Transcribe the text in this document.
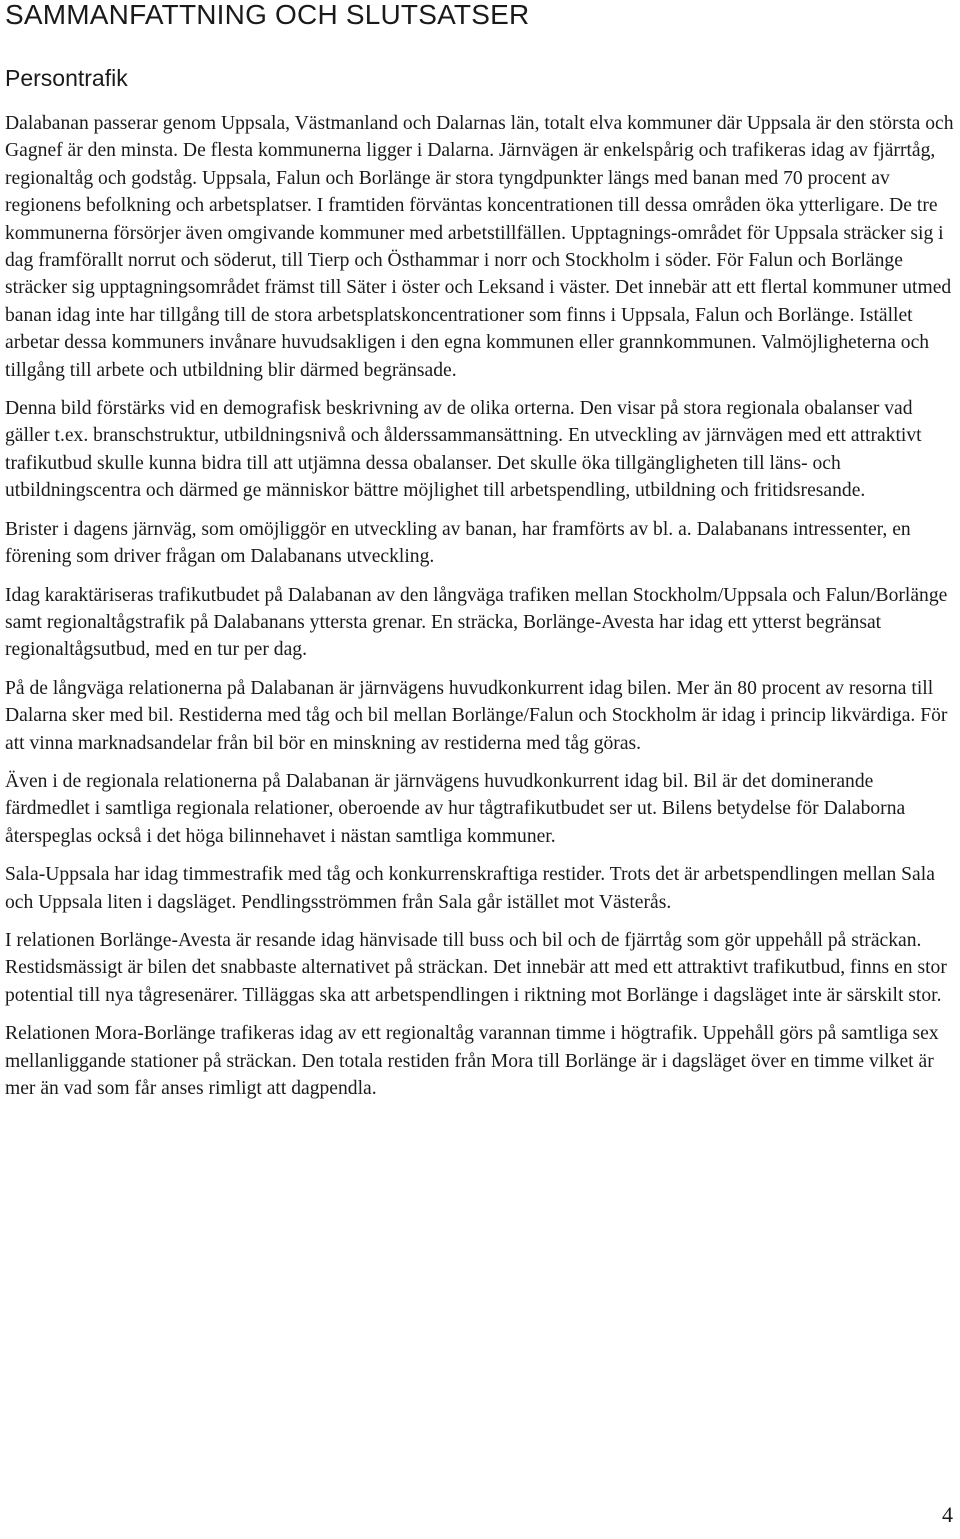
SAMMANFATTNING OCH SLUTSATSER
Persontrafik

Dalabanan passerar genom Uppsala, Västmanland och Dalarnas län, totalt elva kommuner där Uppsala är den största och Gagnef är den minsta. De flesta kommunerna ligger i Dalarna. Järnvägen är enkelspårig och trafikeras idag av fjärrtåg, regionaltåg och godståg. Uppsala, Falun och Borlänge är stora tyngdpunkter längs med banan med 70 procent av regionens befolkning och arbetsplatser. I framtiden förväntas koncentrationen till dessa områden öka ytterligare. De tre kommunerna försörjer även omgivande kommuner med arbetstillfällen. Upptagnings-området för Uppsala sträcker sig i dag framförallt norrut och söderut, till Tierp och Östhammar i norr och Stockholm i söder. För Falun och Borlänge sträcker sig upptagningsområdet främst till Säter i öster och Leksand i väster. Det innebär att ett flertal kommuner utmed banan idag inte har tillgång till de stora arbetsplatskoncentrationer som finns i Uppsala, Falun och Borlänge. Istället arbetar dessa kommuners invånare huvudsakligen i den egna kommunen eller grannkommunen. Valmöjligheterna och tillgång till arbete och utbildning blir därmed begränsade.

Denna bild förstärks vid en demografisk beskrivning av de olika orterna. Den visar på stora regionala obalanser vad gäller t.ex. branschstruktur, utbildningsnivå och ålderssammansättning. En utveckling av järnvägen med ett attraktivt trafikutbud skulle kunna bidra till att utjämna dessa obalanser. Det skulle öka tillgängligheten till läns- och utbildningscentra och därmed ge människor bättre möjlighet till arbetspendling, utbildning och fritidsresande.

Brister i dagens järnväg, som omöjliggör en utveckling av banan, har framförts av bl. a. Dalabanans intressenter, en förening som driver frågan om Dalabanans utveckling.

Idag karaktäriseras trafikutbudet på Dalabanan av den långväga trafiken mellan Stockholm/Uppsala och Falun/Borlänge samt regionaltågstrafik på Dalabanans yttersta grenar. En sträcka, Borlänge-Avesta har idag ett ytterst begränsat regionaltågsutbud, med en tur per dag.

På de långväga relationerna på Dalabanan är järnvägens huvudkonkurrent idag bilen. Mer än 80 procent av resorna till Dalarna sker med bil. Restiderna med tåg och bil mellan Borlänge/Falun och Stockholm är idag i princip likvärdiga. För att vinna marknadsandelar från bil bör en minskning av restiderna med tåg göras.

Även i de regionala relationerna på Dalabanan är järnvägens huvudkonkurrent idag bil. Bil är det dominerande färdmedlet i samtliga regionala relationer, oberoende av hur tågtrafikutbudet ser ut. Bilens betydelse för Dalaborna återspeglas också i det höga bilinnehavet i nästan samtliga kommuner.

Sala-Uppsala har idag timmestrafik med tåg och konkurrenskraftiga restider. Trots det är arbetspendlingen mellan Sala och Uppsala liten i dagsläget. Pendlingsströmmen från Sala går istället mot Västerås.

I relationen Borlänge-Avesta är resande idag hänvisade till buss och bil och de fjärrtåg som gör uppehåll på sträckan. Restidsmässigt är bilen det snabbaste alternativet på sträckan. Det innebär att med ett attraktivt trafikutbud, finns en stor potential till nya tågresenärer. Tilläggas ska att arbetspendlingen i riktning mot Borlänge i dagsläget inte är särskilt stor.

Relationen Mora-Borlänge trafikeras idag av ett regionaltåg varannan timme i högtrafik. Uppehåll görs på samtliga sex mellanliggande stationer på sträckan. Den totala restiden från Mora till Borlänge är i dagsläget över en timme vilket är mer än vad som får anses rimligt att dagpendla.

4
